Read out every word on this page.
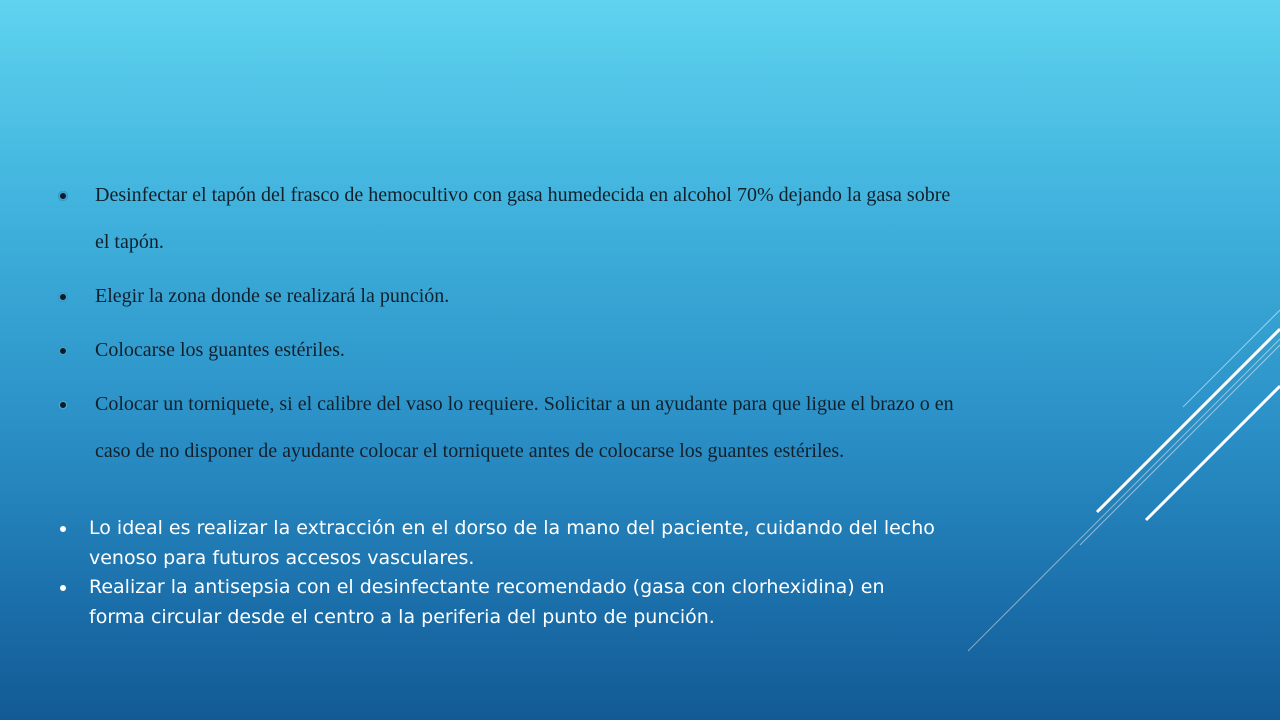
Desinfectar el tapón del frasco de hemocultivo con gasa humedecida en alcohol 70% dejando la gasa sobre el tapón.
Elegir la zona donde se realizará la punción.
Colocarse los guantes estériles.
Colocar un torniquete, si el calibre del vaso lo requiere. Solicitar a un ayudante para que ligue el brazo o en caso de no disponer de ayudante colocar el torniquete antes de colocarse los guantes estériles.
Lo ideal es realizar la extracción en el dorso de la mano del paciente, cuidando del lecho venoso para futuros accesos vasculares.
Realizar la antisepsia con el desinfectante recomendado (gasa con clorhexidina) en forma circular desde el centro a la periferia del punto de punción.
